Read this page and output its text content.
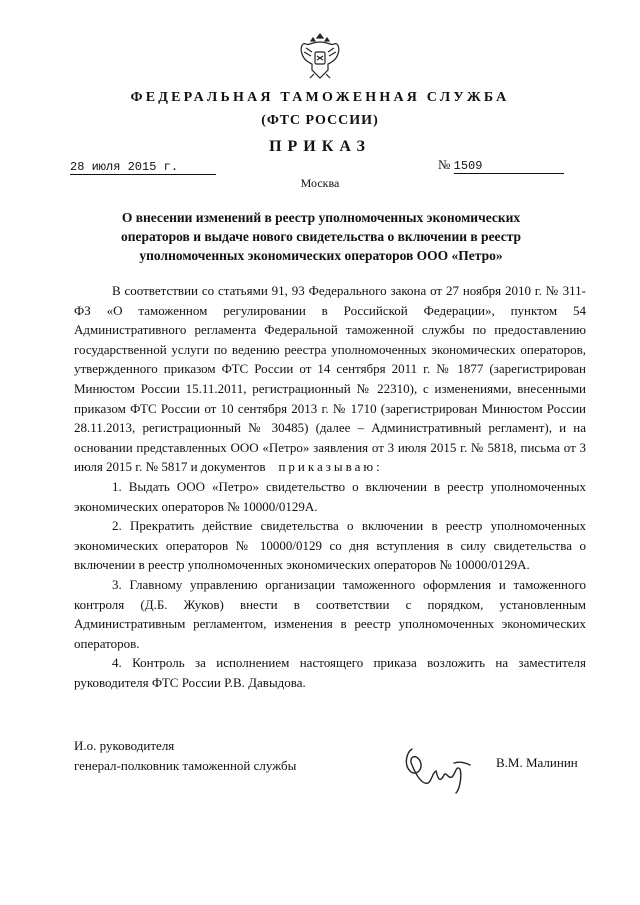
ФЕДЕРАЛЬНАЯ ТАМОЖЕННАЯ СЛУЖБА
(ФТС РОССИИ)
ПРИКАЗ
28 июля 2015 г.	№ 1509
Москва
О внесении изменений в реестр уполномоченных экономических операторов и выдаче нового свидетельства о включении в реестр уполномоченных экономических операторов ООО «Петро»

В соответствии со статьями 91, 93 Федерального закона от 27 ноября 2010 г. № 311-ФЗ «О таможенном регулировании в Российской Федерации», пунктом 54 Административного регламента Федеральной таможенной службы по предоставлению государственной услуги по ведению реестра уполномоченных экономических операторов, утвержденного приказом ФТС России от 14 сентября 2011 г. № 1877 (зарегистрирован Минюстом России 15.11.2011, регистрационный № 22310), с изменениями, внесенными приказом ФТС России от 10 сентября 2013 г. № 1710 (зарегистрирован Минюстом России 28.11.2013, регистрационный № 30485) (далее – Административный регламент), и на основании представленных ООО «Петро» заявления от 3 июля 2015 г. № 5818, письма от 3 июля 2015 г. № 5817 и документов приказываю:

1. Выдать ООО «Петро» свидетельство о включении в реестр уполномоченных экономических операторов № 10000/0129А.

2. Прекратить действие свидетельства о включении в реестр уполномоченных экономических операторов № 10000/0129 со дня вступления в силу свидетельства о включении в реестр уполномоченных экономических операторов № 10000/0129А.

3. Главному управлению организации таможенного оформления и таможенного контроля (Д.Б. Жуков) внести в соответствии с порядком, установленным Административным регламентом, изменения в реестр уполномоченных экономических операторов.

4. Контроль за исполнением настоящего приказа возложить на заместителя руководителя ФТС России Р.В. Давыдова.

И.о. руководителя
генерал-полковник таможенной службы	В.М. Малинин
